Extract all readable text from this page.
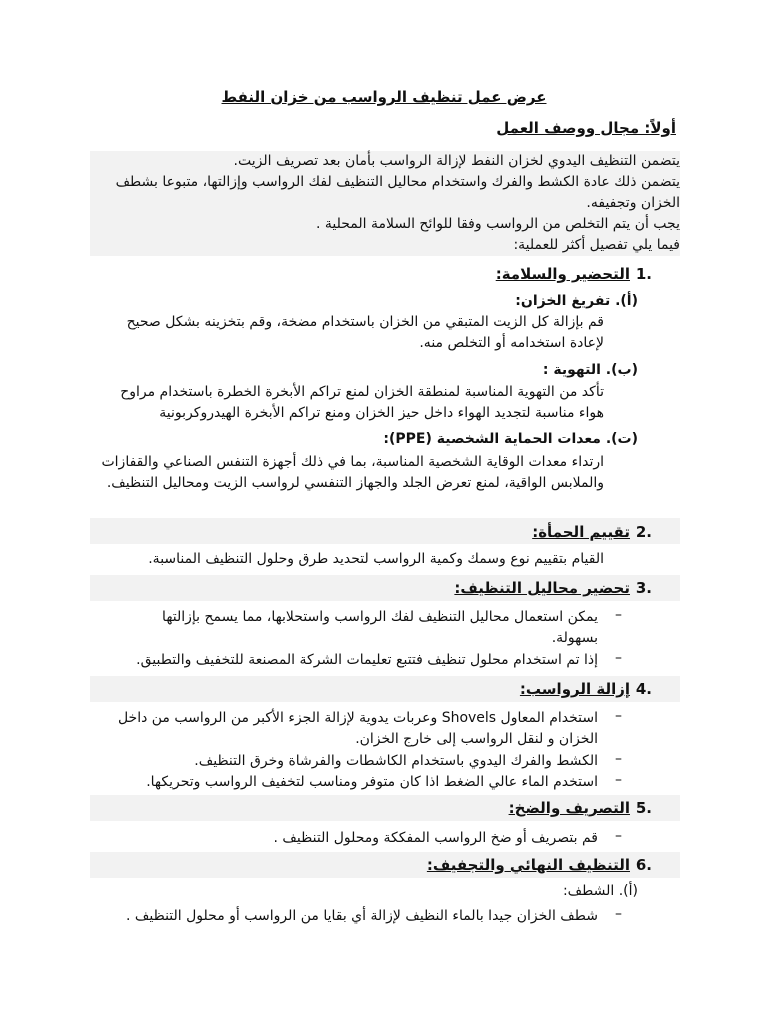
عرض عمل تنظيف الرواسب من خزان النفط
أولاً: مجال ووصف العمل

يتضمن التنظيف اليدوي لخزان النفط لإزالة الرواسب بأمان بعد تصريف الزيت.

يتضمن ذلك عادة الكشط والفرك واستخدام محاليل التنظيف لفك الرواسب وإزالتها، متبوعا بشطف الخزان وتجفيفه.

يجب أن يتم التخلص من الرواسب وفقا للوائح السلامة المحلية .

فيما يلي تفصيل أكثر للعملية:

.1
التحضير والسلامة:
(أ). تفريغ الخزان:
قم بإزالة كل الزيت المتبقي من الخزان باستخدام مضخة، وقم بتخزينه بشكل صحيح لإعادة استخدامه أو التخلص منه.
(ب). التهوية :
تأكد من التهوية المناسبة لمنطقة الخزان لمنع تراكم الأبخرة الخطرة باستخدام مراوح هواء مناسبة لتجديد الهواء داخل حيز الخزان ومنع تراكم الأبخرة الهيدروكربونية
(ت). معدات الحماية الشخصية (PPE):
ارتداء معدات الوقاية الشخصية المناسبة، بما في ذلك أجهزة التنفس الصناعي والقفازات والملابس الواقية، لمنع تعرض الجلد والجهاز التنفسي لرواسب الزيت ومحاليل التنظيف.
.2
تقييم الحمأة:
القيام بتقييم نوع وسمك وكمية الرواسب لتحديد طرق وحلول التنظيف المناسبة.
.3
تحضير محاليل التنظيف:
–
يمكن استعمال محاليل التنظيف لفك الرواسب واستحلابها، مما يسمح بإزالتها بسهولة.
–
إذا تم استخدام محلول تنظيف فتتبع تعليمات الشركة المصنعة للتخفيف والتطبيق.
.4
إزالة الرواسب:
–
استخدام المعاول Shovels وعربات يدوية لإزالة الجزء الأكبر من الرواسب من داخل الخزان و لنقل الرواسب إلى خارج الخزان.
–
الكشط والفرك اليدوي باستخدام الكاشطات والفرشاة وخرق التنظيف.
–
استخدم الماء عالي الضغط اذا كان متوفر ومناسب لتخفيف الرواسب وتحريكها.
.5
التصريف والضخ:
–
قم بتصريف أو ضخ الرواسب المفككة ومحلول التنظيف .
.6
التنظيف النهائي والتجفيف:
(أ). الشطف:
–
شطف الخزان جيدا بالماء النظيف لإزالة أي بقايا من الرواسب أو محلول التنظيف .
